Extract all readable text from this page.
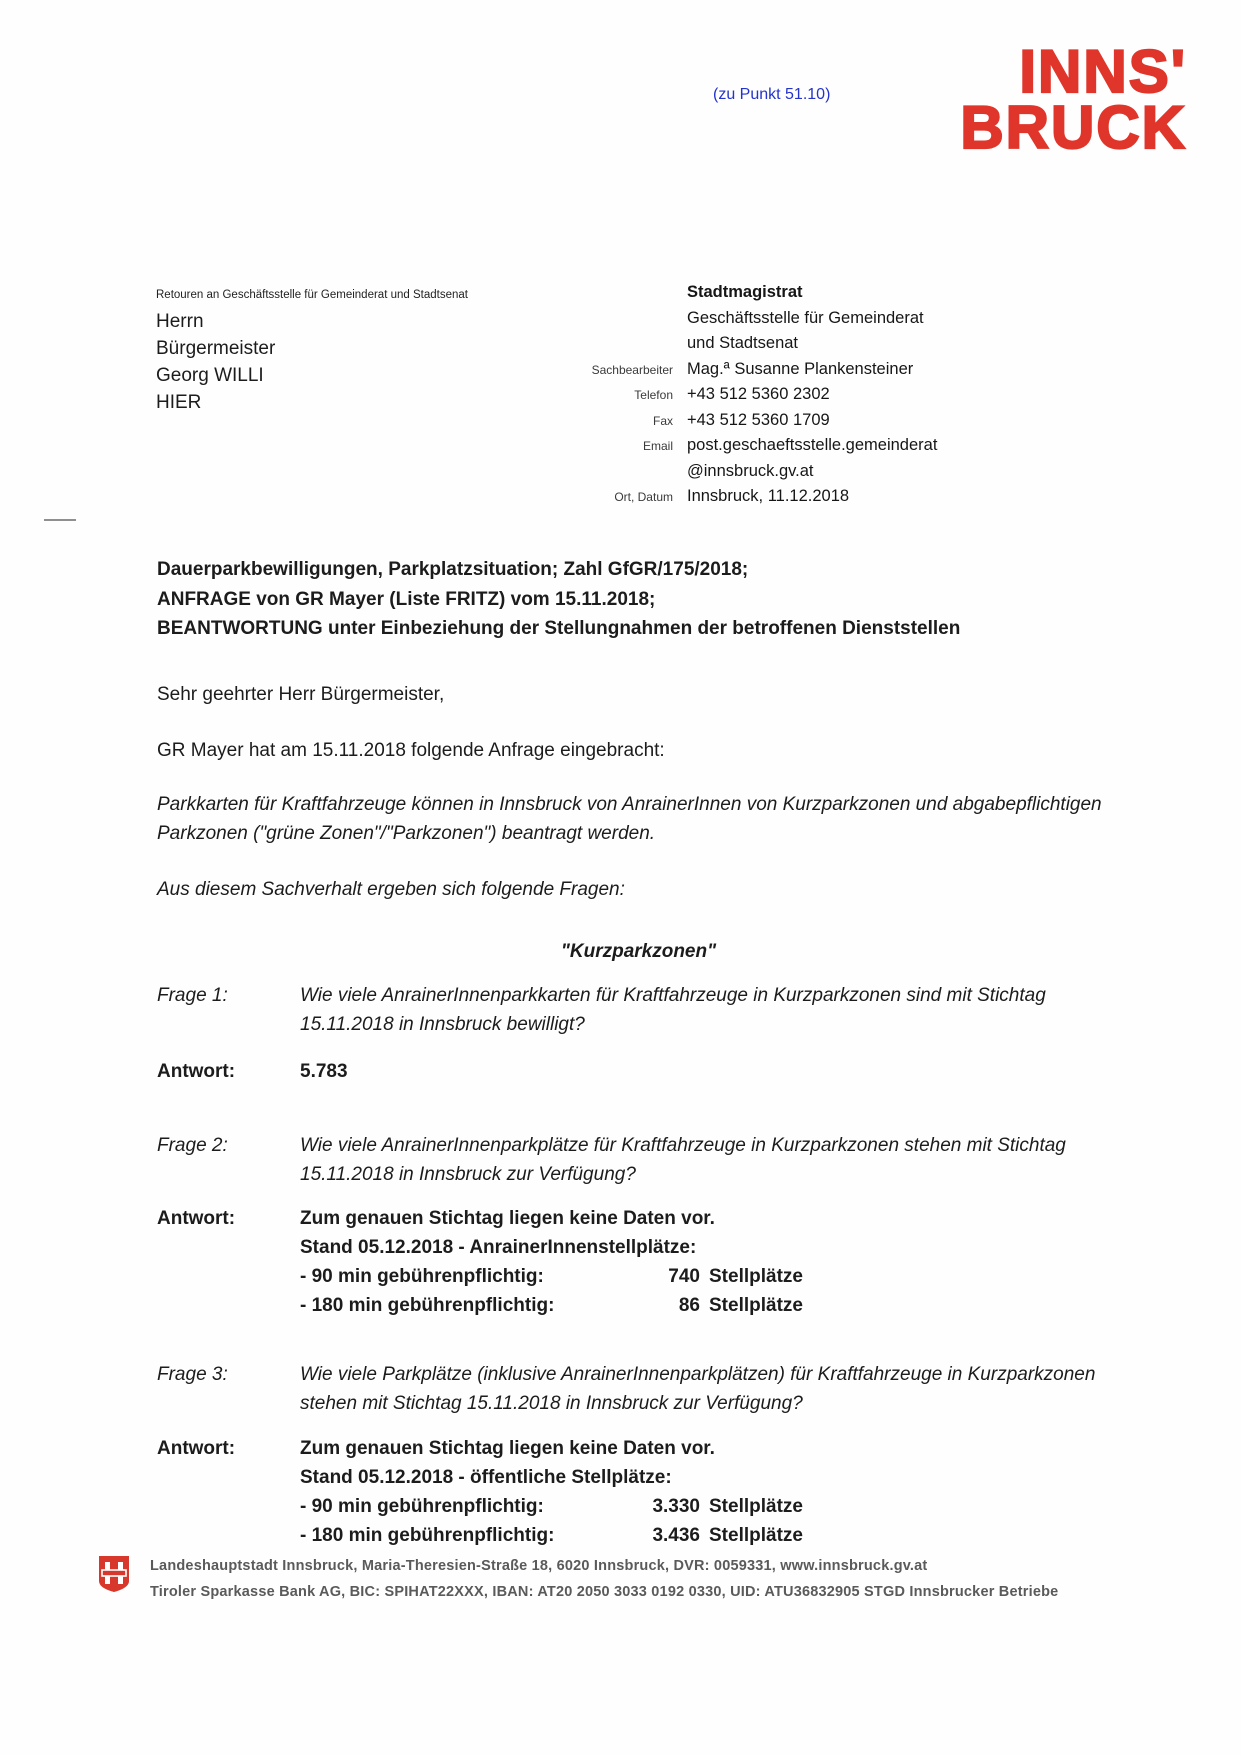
(zu Punkt 51.10)	INNS'
BRUCK
Retouren an Geschäftsstelle für Gemeinderat und Stadtsenat
Herrn
Bürgermeister
Georg WILLI
HIER
Stadtmagistrat
Geschäftsstelle für Gemeinderat
und Stadtsenat
Sachbearbeiter Mag.ª Susanne Plankensteiner
Telefon +43 512 5360 2302
Fax +43 512 5360 1709
Email post.geschaeftsstelle.gemeinderat
@innsbruck.gv.at
Ort, Datum Innsbruck, 11.12.2018
Dauerparkbewilligungen, Parkplatzsituation; Zahl GfGR/175/2018;
ANFRAGE von GR Mayer (Liste FRITZ) vom 15.11.2018;
BEANTWORTUNG unter Einbeziehung der Stellungnahmen der betroffenen Dienststellen
Sehr geehrter Herr Bürgermeister,
GR Mayer hat am 15.11.2018 folgende Anfrage eingebracht:
Parkkarten für Kraftfahrzeuge können in Innsbruck von AnrainerInnen von Kurzparkzonen und abgabepflichtigen Parkzonen ("grüne Zonen"/"Parkzonen") beantragt werden.
Aus diesem Sachverhalt ergeben sich folgende Fragen:
"Kurzparkzonen"
Frage 1:	Wie viele AnrainerInnenparkkarten für Kraftfahrzeuge in Kurzparkzonen sind mit Stichtag 15.11.2018 in Innsbruck bewilligt?
Antwort:	5.783
Frage 2:	Wie viele AnrainerInnenparkplätze für Kraftfahrzeuge in Kurzparkzonen stehen mit Stichtag 15.11.2018 in Innsbruck zur Verfügung?
Antwort:	Zum genauen Stichtag liegen keine Daten vor.
Stand 05.12.2018 - AnrainerInnenstellplätze:
- 90 min gebührenpflichtig:	740 Stellplätze
- 180 min gebührenpflichtig:	86 Stellplätze
Frage 3:	Wie viele Parkplätze (inklusive AnrainerInnenparkplätzen) für Kraftfahrzeuge in Kurzparkzonen stehen mit Stichtag 15.11.2018 in Innsbruck zur Verfügung?
Antwort:	Zum genauen Stichtag liegen keine Daten vor.
Stand 05.12.2018 - öffentliche Stellplätze:
- 90 min gebührenpflichtig:	3.330 Stellplätze
- 180 min gebührenpflichtig:	3.436 Stellplätze
Landeshauptstadt Innsbruck, Maria-Theresien-Straße 18, 6020 Innsbruck, DVR: 0059331, www.innsbruck.gv.at
Tiroler Sparkasse Bank AG, BIC: SPIHAT22XXX, IBAN: AT20 2050 3033 0192 0330, UID: ATU36832905 STGD Innsbrucker Betriebe
